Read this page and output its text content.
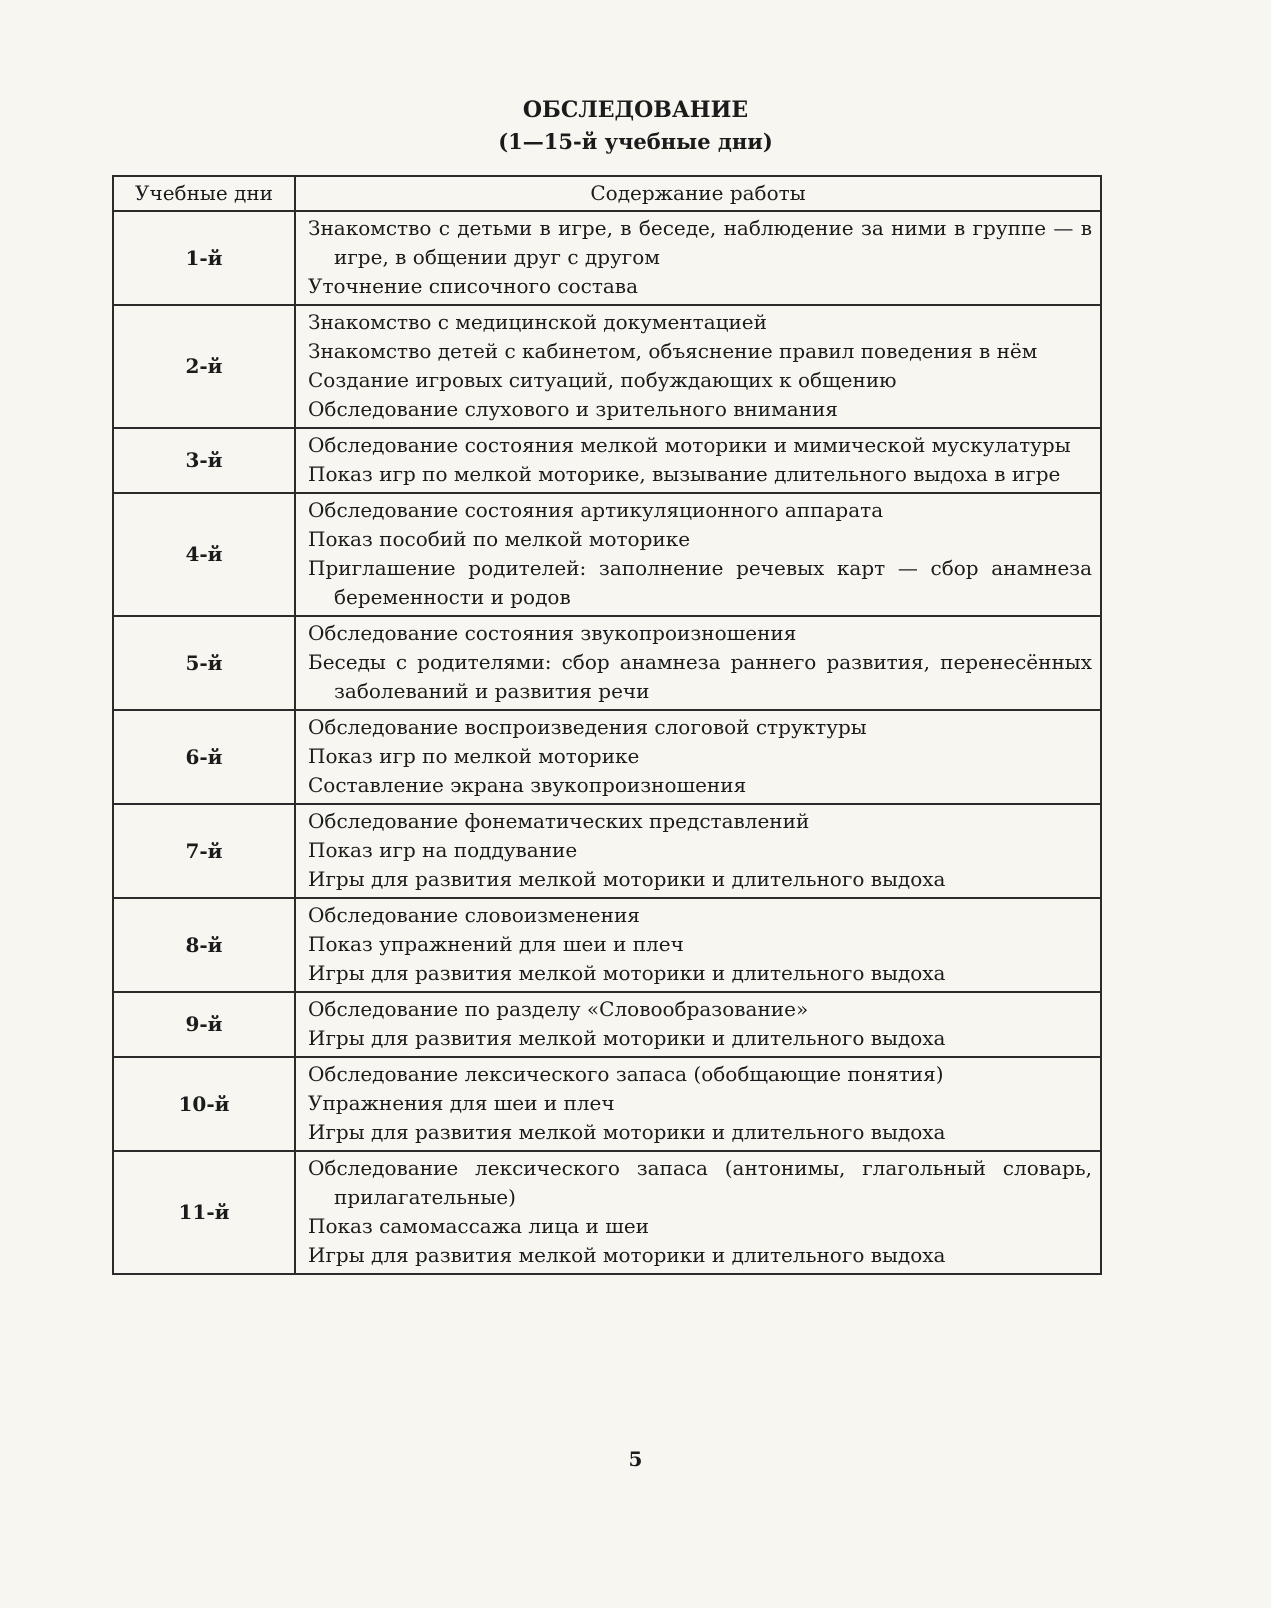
ОБСЛЕДОВАНИЕ
(1—15-й учебные дни)
Учебные дни	Содержание работы
1-й	Знакомство с детьми в игре, в беседе, наблюдение за ними в группе — в игре, в общении друг с другом
Уточнение списочного состава

2-й	Знакомство с медицинской документацией
Знакомство детей с кабинетом, объяснение правил поведения в нём
Создание игровых ситуаций, побуждающих к общению
Обследование слухового и зрительного внимания

3-й	Обследование состояния мелкой моторики и мимической мускулатуры
Показ игр по мелкой моторике, вызывание длительного выдоха в игре

4-й	Обследование состояния артикуляционного аппарата
Показ пособий по мелкой моторике
Приглашение родителей: заполнение речевых карт — сбор анамнеза беременности и родов

5-й	Обследование состояния звукопроизношения
Беседы с родителями: сбор анамнеза раннего развития, перенесённых заболеваний и развития речи

6-й	Обследование воспроизведения слоговой структуры
Показ игр по мелкой моторике
Составление экрана звукопроизношения

7-й	Обследование фонематических представлений
Показ игр на поддувание
Игры для развития мелкой моторики и длительного выдоха

8-й	Обследование словоизменения
Показ упражнений для шеи и плеч
Игры для развития мелкой моторики и длительного выдоха

9-й	Обследование по разделу «Словообразование»
Игры для развития мелкой моторики и длительного выдоха

10-й	Обследование лексического запаса (обобщающие понятия)
Упражнения для шеи и плеч
Игры для развития мелкой моторики и длительного выдоха

11-й	Обследование лексического запаса (антонимы, глагольный словарь, прилагательные)
Показ самомассажа лица и шеи
Игры для развития мелкой моторики и длительного выдоха
5
